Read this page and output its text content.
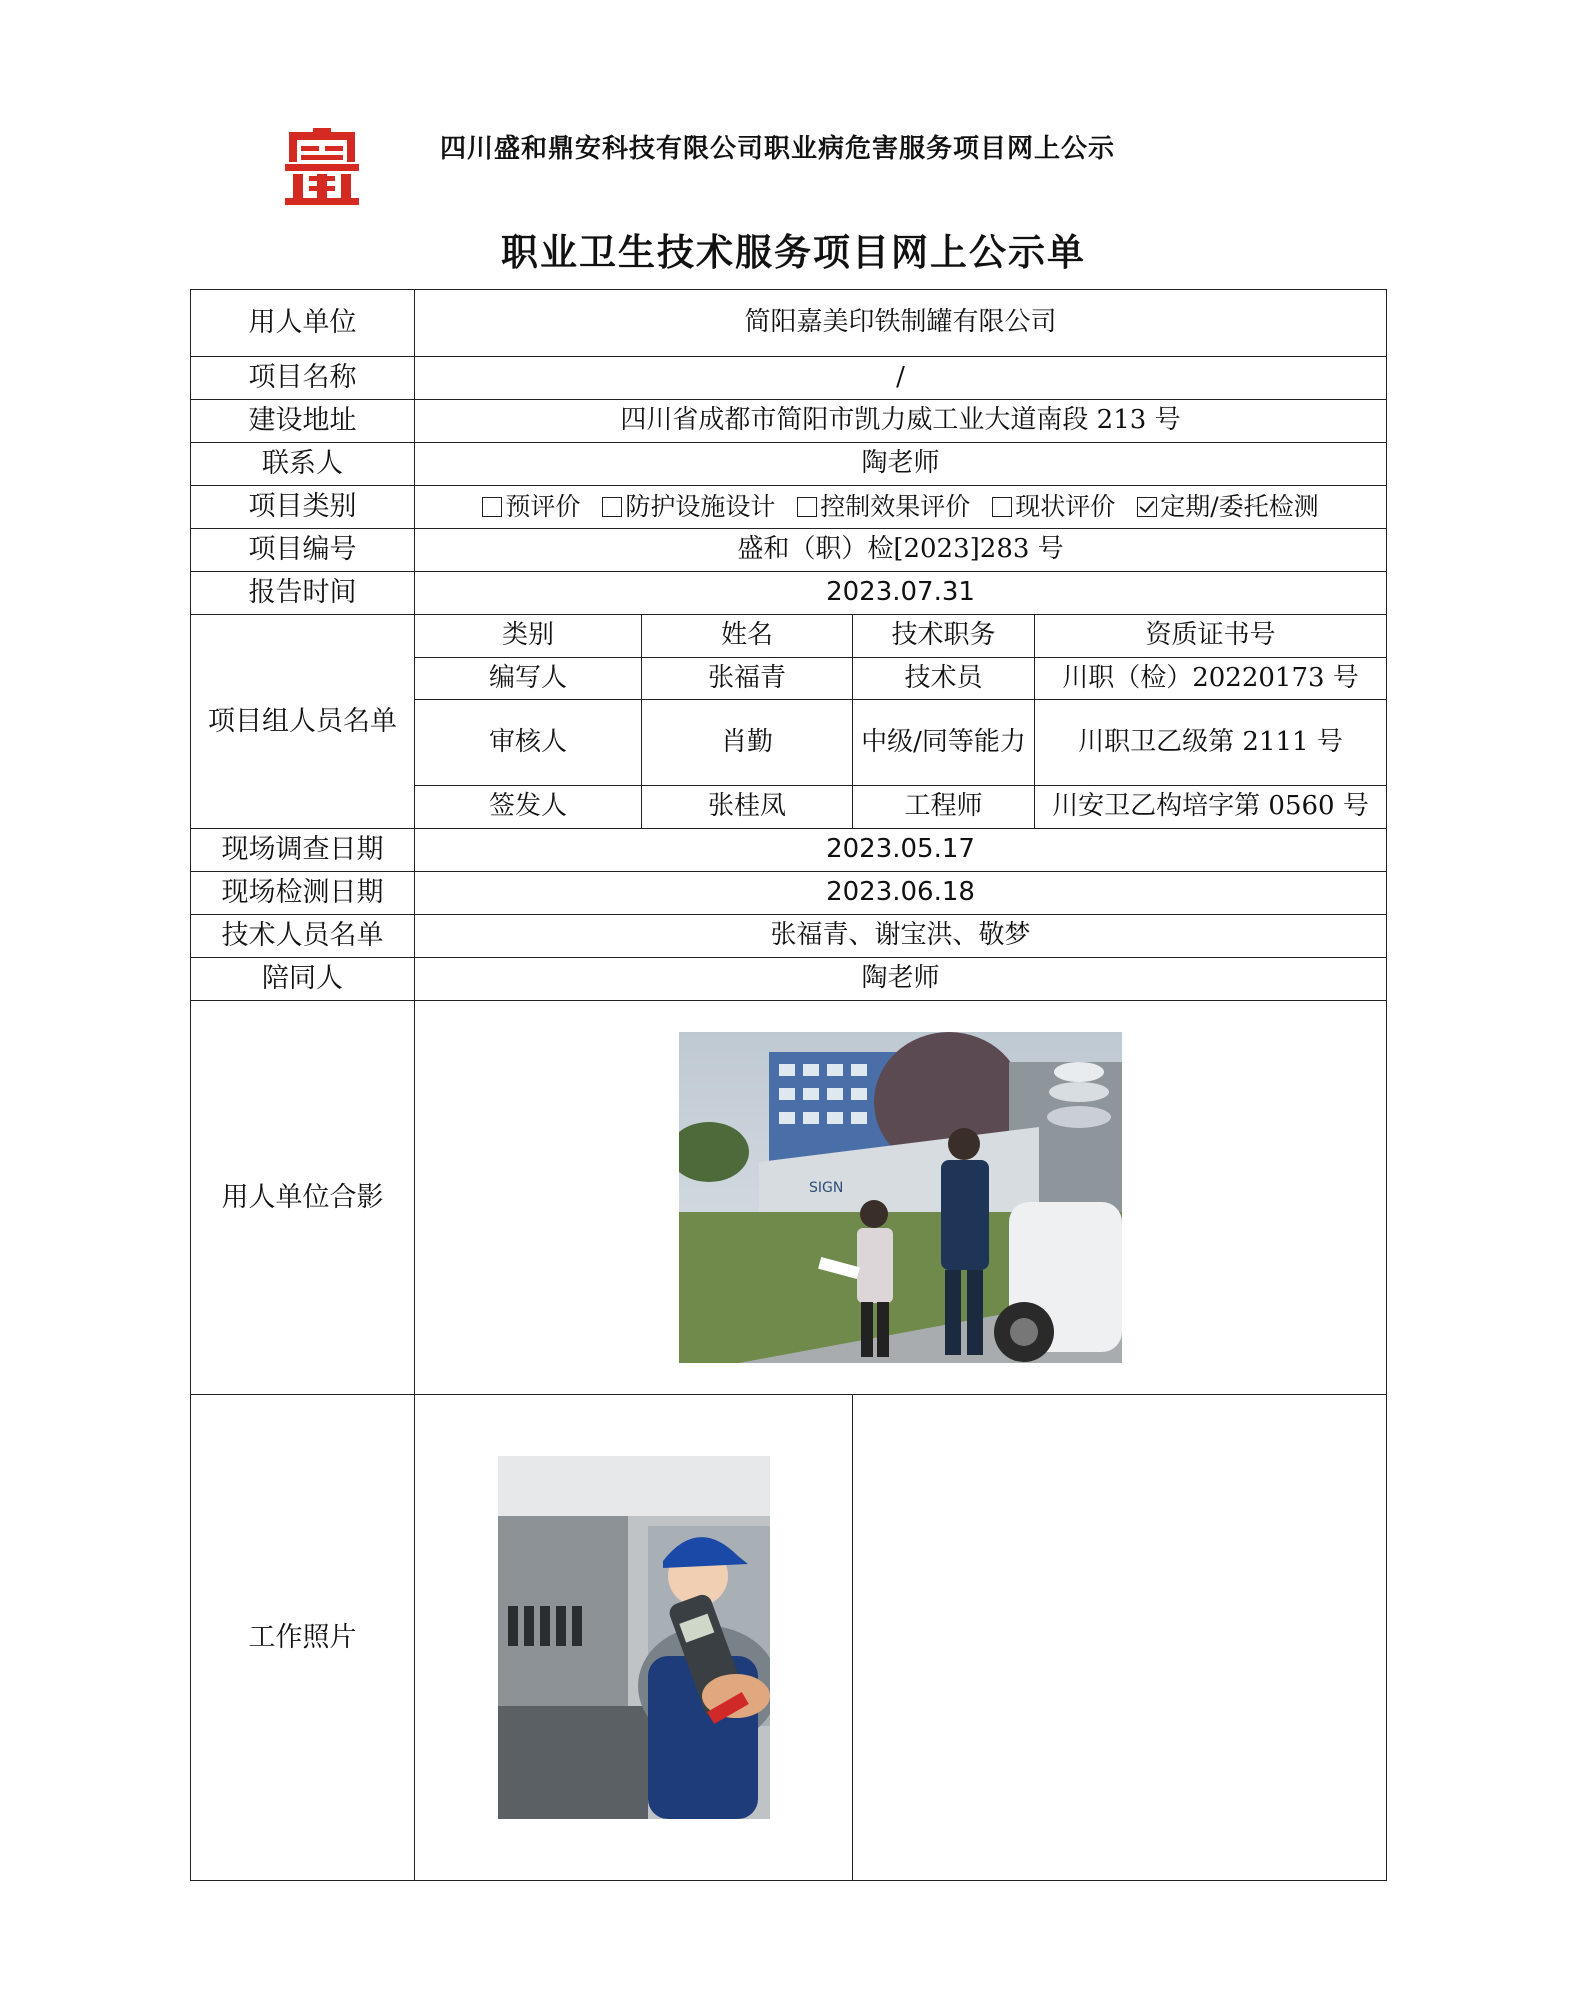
四川盛和鼎安科技有限公司职业病危害服务项目网上公示
职业卫生技术服务项目网上公示单
用人单位	简阳嘉美印铁制罐有限公司			
项目名称	/			
建设地址	四川省成都市简阳市凯力威工业大道南段 213 号			
联系人	陶老师			
项目类别	预评价 防护设施设计 控制效果评价 现状评价 定期/委托检测			
项目编号	盛和（职）检[2023]283 号			
报告时间	2023.07.31			
项目组人员名单	类别	姓名	技术职务	资质证书号
	编写人	张福青	技术员	川职（检）20220173 号
	审核人	肖勤	中级/同等能力	川职卫乙级第 2111 号
	签发人	张桂凤	工程师	川安卫乙构培字第 0560 号
现场调查日期	2023.05.17			
现场检测日期	2023.06.18			
技术人员名单	张福青、谢宝洪、敬梦			
陪同人	陶老师			
用人单位合影	SIGN			

工作照片	
